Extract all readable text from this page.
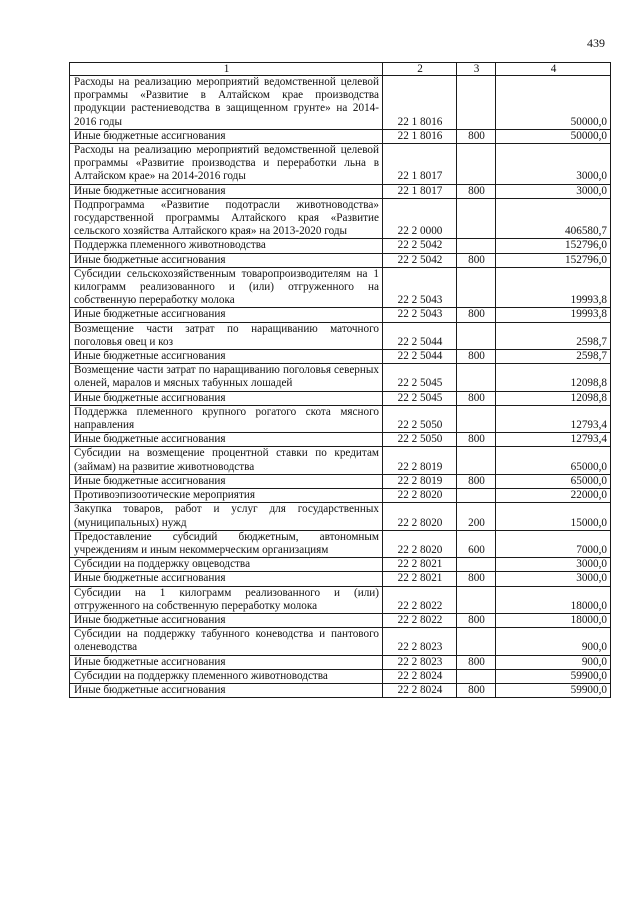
439
1	2	3	4
Расходы на реализацию мероприятий ведомственной целевой программы «Развитие в Алтайском крае производства продукции растениеводства в защищенном грунте» на 2014-2016 годы	22 1 8016		50000,0
Иные бюджетные ассигнования	22 1 8016	800	50000,0
Расходы на реализацию мероприятий ведомственной целевой программы «Развитие производства и переработки льна в Алтайском крае» на 2014-2016 годы	22 1 8017		3000,0
Иные бюджетные ассигнования	22 1 8017	800	3000,0
Подпрограмма «Развитие подотрасли животноводства» государственной программы Алтайского края «Развитие сельского хозяйства Алтайского края» на 2013-2020 годы	22 2 0000		406580,7
Поддержка племенного животноводства	22 2 5042		152796,0
Иные бюджетные ассигнования	22 2 5042	800	152796,0
Субсидии сельскохозяйственным товаропроизводителям на 1 килограмм реализованного и (или) отгруженного на собственную переработку молока	22 2 5043		19993,8
Иные бюджетные ассигнования	22 2 5043	800	19993,8
Возмещение части затрат по наращиванию маточного поголовья овец и коз	22 2 5044		2598,7
Иные бюджетные ассигнования	22 2 5044	800	2598,7
Возмещение части затрат по наращиванию поголовья северных оленей, маралов и мясных табунных лошадей	22 2 5045		12098,8
Иные бюджетные ассигнования	22 2 5045	800	12098,8
Поддержка племенного крупного рогатого скота мясного направления	22 2 5050		12793,4
Иные бюджетные ассигнования	22 2 5050	800	12793,4
Субсидии на возмещение процентной ставки по кредитам (займам) на развитие животноводства	22 2 8019		65000,0
Иные бюджетные ассигнования	22 2 8019	800	65000,0
Противоэпизоотические мероприятия	22 2 8020		22000,0
Закупка товаров, работ и услуг для государственных (муниципальных) нужд	22 2 8020	200	15000,0
Предоставление субсидий бюджетным, автономным учреждениям и иным некоммерческим организациям	22 2 8020	600	7000,0
Субсидии на поддержку овцеводства	22 2 8021		3000,0
Иные бюджетные ассигнования	22 2 8021	800	3000,0
Субсидии на 1 килограмм реализованного и (или) отгруженного на собственную переработку молока	22 2 8022		18000,0
Иные бюджетные ассигнования	22 2 8022	800	18000,0
Субсидии на поддержку табунного коневодства и пантового оленеводства	22 2 8023		900,0
Иные бюджетные ассигнования	22 2 8023	800	900,0
Субсидии на поддержку племенного животноводства	22 2 8024		59900,0
Иные бюджетные ассигнования	22 2 8024	800	59900,0
